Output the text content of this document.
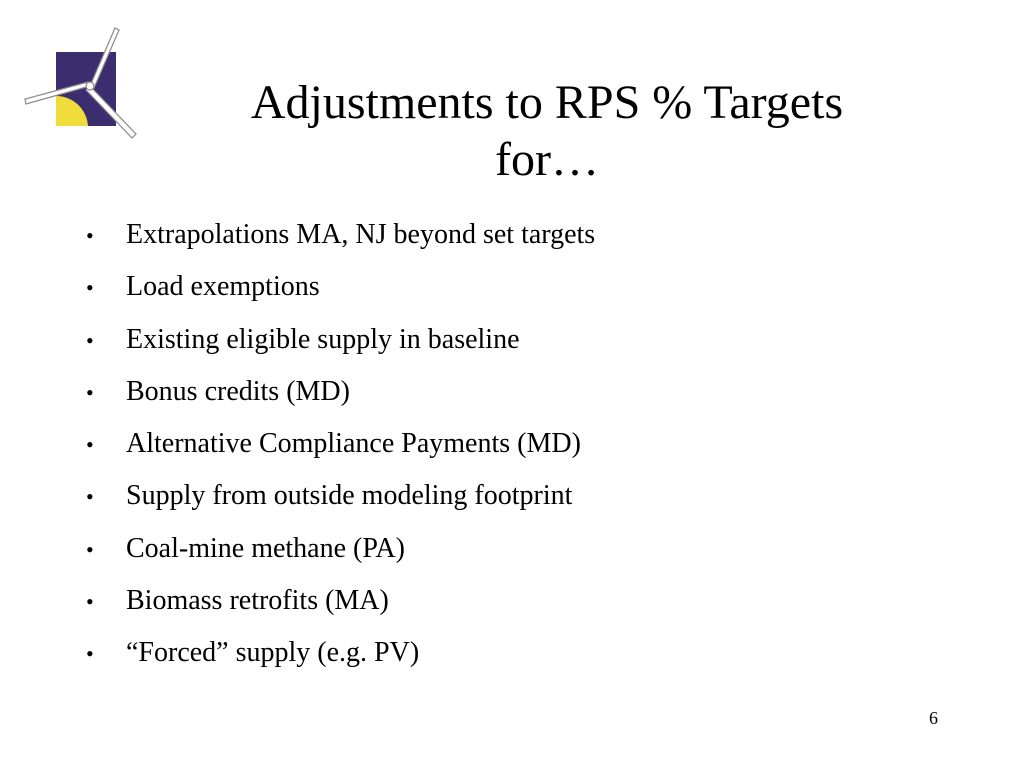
Adjustments to RPS % Targets
for…
•	Extrapolations MA, NJ beyond set targets
•	Load exemptions
•	Existing eligible supply in baseline
•	Bonus credits (MD)
•	Alternative Compliance Payments (MD)
•	Supply from outside modeling footprint
•	Coal-mine methane (PA)
•	Biomass retrofits (MA)
•	“Forced” supply (e.g. PV)
6
